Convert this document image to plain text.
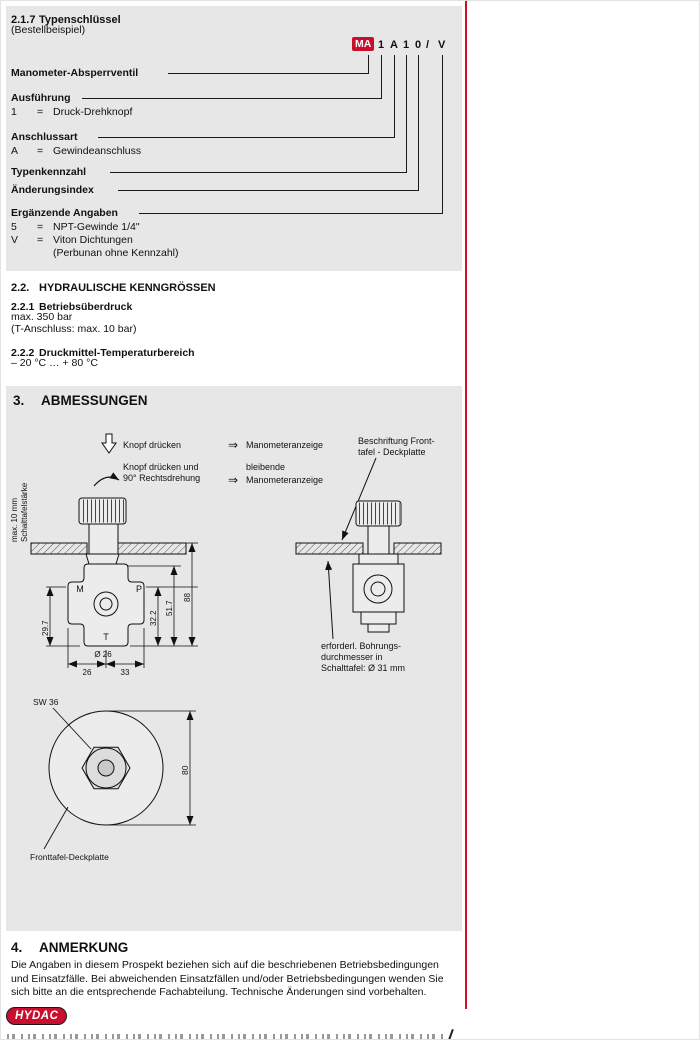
2.1.7 Typenschlüssel
(Bestellbeispiel)
MA 1 A 1 0 / V
Manometer-Absperrventil
Ausführung
1 = Druck-Drehknopf
Anschlussart
A = Gewindeanschluss
Typenkennzahl
Änderungsindex
Ergänzende Angaben
5 = NPT-Gewinde 1/4"
V = Viton Dichtungen
(Perbunan ohne Kennzahl)
2.2. HYDRAULISCHE KENNGRÖSSEN
2.2.1 Betriebsüberdruck
max. 350 bar
(T-Anschluss: max. 10 bar)
2.2.2 Druckmittel-Temperaturbereich
– 20 °C … + 80 °C
3. ABMESSUNGEN
Knopf drücken	⇒ Manometeranzeige
Knopf drücken und
90° Rechtsdrehung
bleibende
⇒ Manometeranzeige
Beschriftung Front-
tafel - Deckplatte
max. 10 mm Schalttafelstärke
M	P
T
29.7
32.2
51.7
88
Ø 26
26	33
erforderl. Bohrungs-
durchmesser in
Schalttafel: Ø 31 mm
SW 36
80
Fronttafel-Deckplatte
4. ANMERKUNG
Die Angaben in diesem Prospekt beziehen sich auf die beschriebenen Betriebsbedingungen und Einsatzfälle. Bei abweichenden Einsatzfällen und/oder Betriebsbedingungen wenden Sie sich bitte an die entsprechende Fachabteilung. Technische Änderungen sind vorbehalten.
HYDAC
